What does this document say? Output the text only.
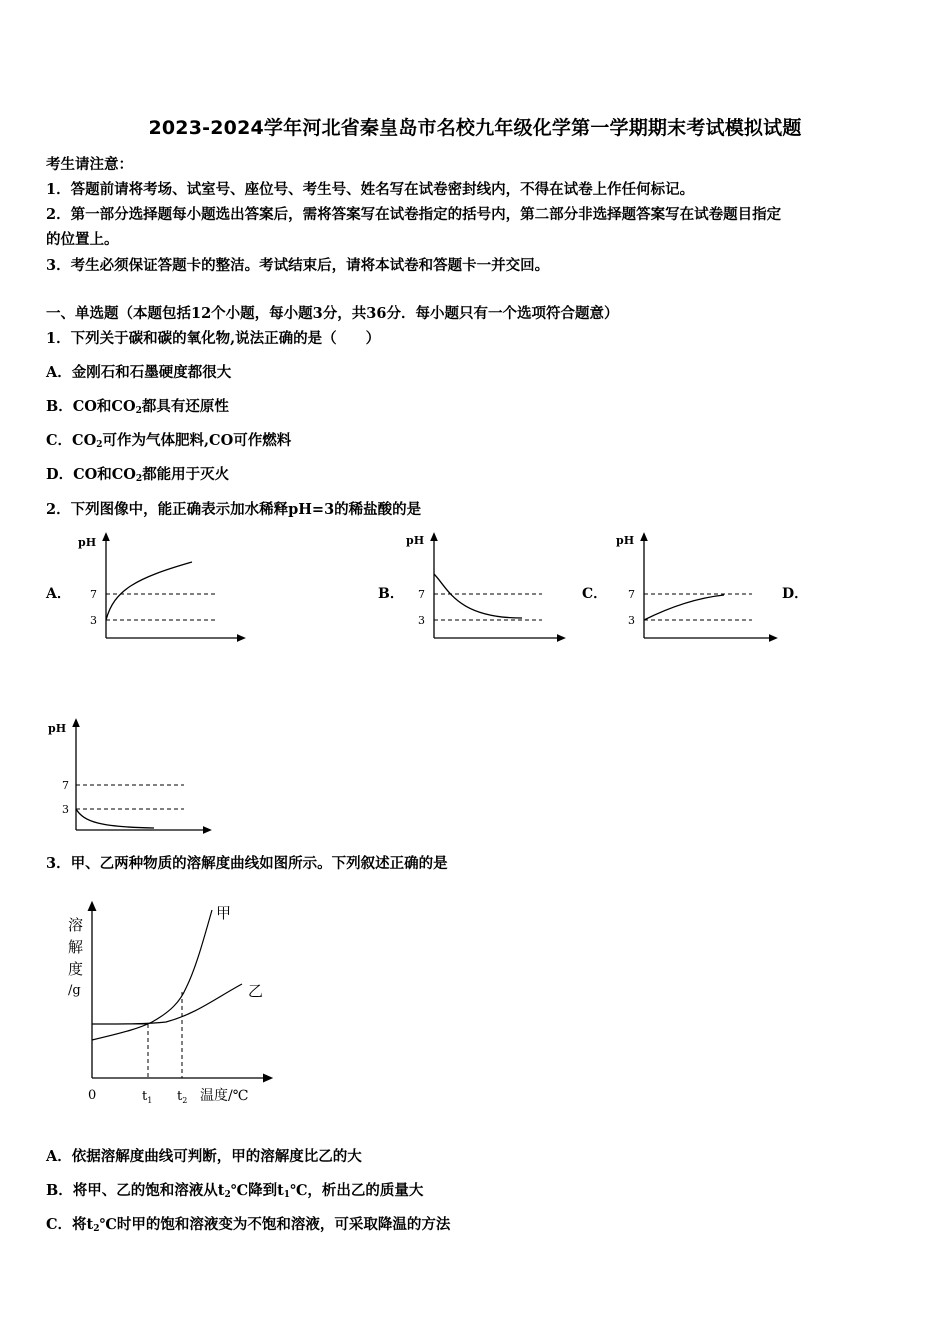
2023-2024学年河北省秦皇岛市名校九年级化学第一学期期末考试模拟试题
考生请注意：
1．答题前请将考场、试室号、座位号、考生号、姓名写在试卷密封线内，不得在试卷上作任何标记。
2．第一部分选择题每小题选出答案后，需将答案写在试卷指定的括号内，第二部分非选择题答案写在试卷题目指定
的位置上。
3．考生必须保证答题卡的整洁。考试结束后，请将本试卷和答题卡一并交回。
一、单选题（本题包括12个小题，每小题3分，共36分．每小题只有一个选项符合题意）
1．下列关于碳和碳的氧化物,说法正确的是（　　）
A．金刚石和石墨硬度都很大
B．CO和$CO_2$都具有还原性
C．$CO_2$可作为气体肥料,CO可作燃料
D．CO和$CO_2$都能用于灭火
2．下列图像中，能正确表示加水稀释pH=3的稀盐酸的是
A．	B．	C．	D．
pH
7
3
pH
7
3
pH
7
3
pH
7
3
3．甲、乙两种物质的溶解度曲线如图所示。下列叙述正确的是
溶
解
度
/g
0	$t_1$ $t_2$ 温度/℃
甲
乙
A．依据溶解度曲线可判断，甲的溶解度比乙的大
B．将甲、乙的饱和溶液从$t_2℃$降到$t_1℃$，析出乙的质量大
C．将$t_2℃$时甲的饱和溶液变为不饱和溶液，可采取降温的方法
